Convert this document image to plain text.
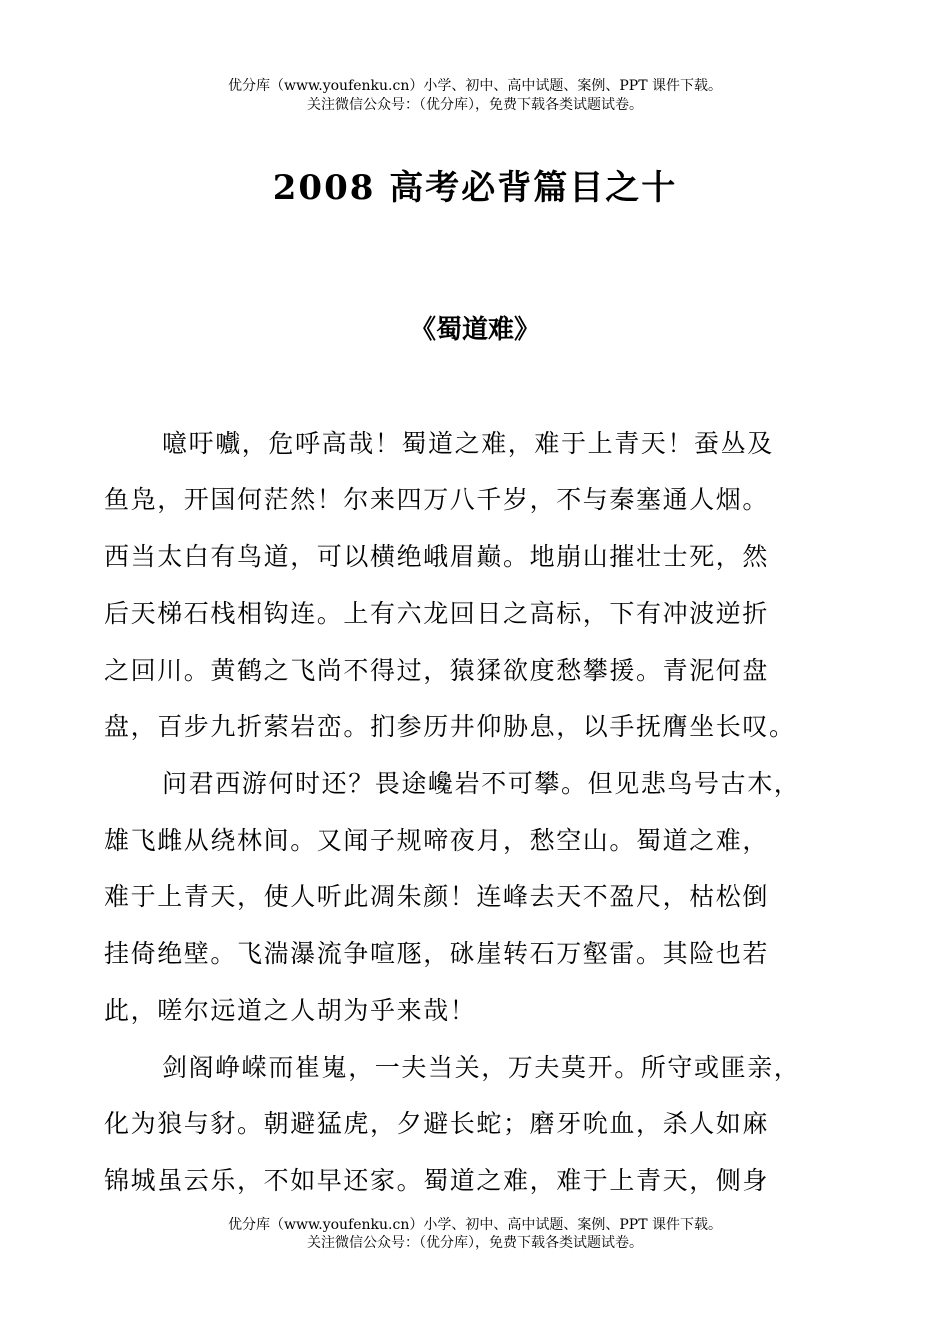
优分库（www.youfenku.cn）小学、初中、高中试题、案例、PPT 课件下载。
关注微信公众号：（优分库），免费下载各类试题试卷。
2008 高考必背篇目之十
《蜀道难》
噫吁嚱，危呼高哉！蜀道之难，难于上青天！蚕丛及
鱼凫，开国何茫然！尔来四万八千岁，不与秦塞通人烟。
西当太白有鸟道，可以横绝峨眉巅。地崩山摧壮士死，然
后天梯石栈相钩连。上有六龙回日之高标，下有冲波逆折
之回川。黄鹤之飞尚不得过，猿猱欲度愁攀援。青泥何盘
盘，百步九折萦岩峦。扪参历井仰胁息，以手抚膺坐长叹。
问君西游何时还？畏途巉岩不可攀。但见悲鸟号古木，
雄飞雌从绕林间。又闻子规啼夜月，愁空山。蜀道之难，
难于上青天，使人听此凋朱颜！连峰去天不盈尺，枯松倒
挂倚绝壁。飞湍瀑流争喧豗，砯崖转石万壑雷。其险也若
此，嗟尔远道之人胡为乎来哉！
剑阁峥嵘而崔嵬，一夫当关，万夫莫开。所守或匪亲，
化为狼与豺。朝避猛虎，夕避长蛇；磨牙吮血，杀人如麻
锦城虽云乐，不如早还家。蜀道之难，难于上青天，侧身
优分库（www.youfenku.cn）小学、初中、高中试题、案例、PPT 课件下载。
关注微信公众号：（优分库），免费下载各类试题试卷。
